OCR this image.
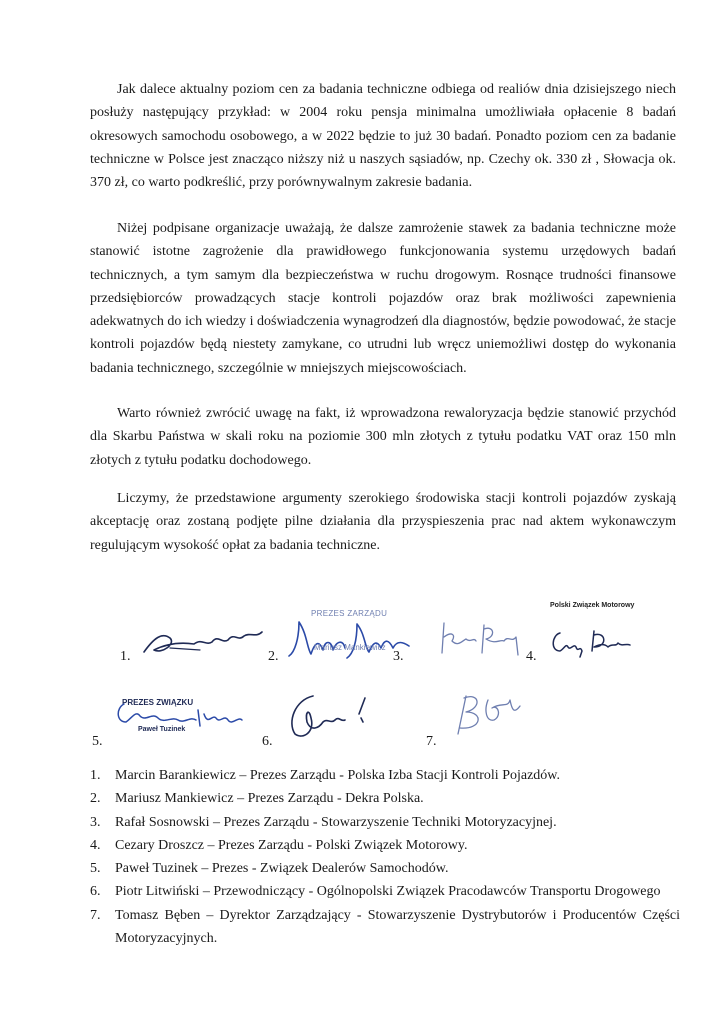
Jak dalece aktualny poziom cen za badania techniczne odbiega od realiów dnia dzisiejszego niech posłuży następujący przykład: w 2004 roku pensja minimalna umożliwiała opłacenie 8 badań okresowych samochodu osobowego, a w 2022 będzie to już 30 badań. Ponadto poziom cen za badanie techniczne w Polsce jest znacząco niższy niż u naszych sąsiadów, np. Czechy ok. 330 zł , Słowacja ok. 370 zł, co warto podkreślić, przy porównywalnym zakresie badania.

Niżej podpisane organizacje uważają, że dalsze zamrożenie stawek za badania techniczne może stanowić istotne zagrożenie dla prawidłowego funkcjonowania systemu urzędowych badań technicznych, a tym samym dla bezpieczeństwa w ruchu drogowym. Rosnące trudności finansowe przedsiębiorców prowadzących stacje kontroli pojazdów oraz brak możliwości zapewnienia adekwatnych do ich wiedzy i doświadczenia wynagrodzeń dla diagnostów, będzie powodować, że stacje kontroli pojazdów będą niestety zamykane, co utrudni lub wręcz uniemożliwi dostęp do wykonania badania technicznego, szczególnie w mniejszych miejscowościach.

Warto również zwrócić uwagę na fakt, iż wprowadzona rewaloryzacja będzie stanowić przychód dla Skarbu Państwa w skali roku na poziomie 300 mln złotych z tytułu podatku VAT oraz 150 mln złotych z tytułu podatku dochodowego.

Liczymy, że przedstawione argumenty szerokiego środowiska stacji kontroli pojazdów zyskają akceptację oraz zostaną podjęte pilne działania dla przyspieszenia prac nad aktem wykonawczym regulującym wysokość opłat za badania techniczne.

1.	2.
PREZES ZARZĄDU
Mariusz Mankiewicz
3.	4.
Polski Związek Motorowy
5.
PREZES ZWIĄZKU
Paweł Tuzinek
6.	7.
1. Marcin Barankiewicz – Prezes Zarządu - Polska Izba Stacji Kontroli Pojazdów.
2. Mariusz Mankiewicz – Prezes Zarządu - Dekra Polska.
3. Rafał Sosnowski – Prezes Zarządu - Stowarzyszenie Techniki Motoryzacyjnej.
4. Cezary Droszcz – Prezes Zarządu - Polski Związek Motorowy.
5. Paweł Tuzinek – Prezes - Związek Dealerów Samochodów.
6. Piotr Litwiński – Przewodniczący - Ogólnopolski Związek Pracodawców Transportu Drogowego
7. Tomasz Bęben – Dyrektor Zarządzający - Stowarzyszenie Dystrybutorów i Producentów Części Motoryzacyjnych.
